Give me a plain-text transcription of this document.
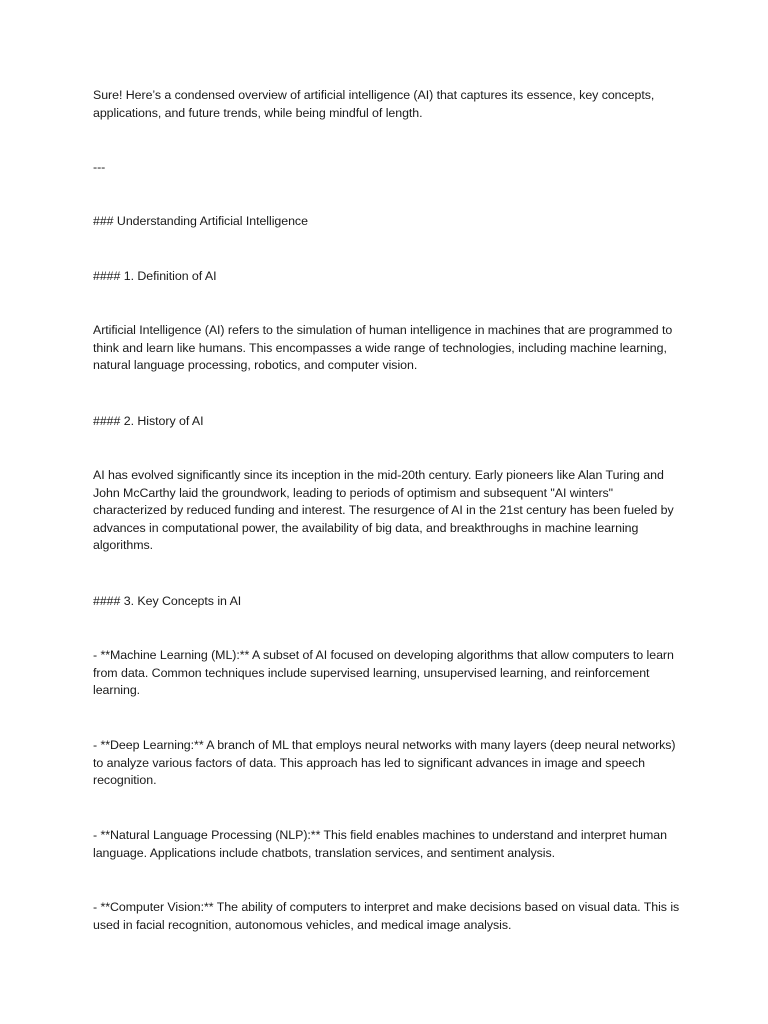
Sure! Here’s a condensed overview of artificial intelligence (AI) that captures its essence, key concepts, applications, and future trends, while being mindful of length.

---

### Understanding Artificial Intelligence

#### 1. Definition of AI

Artificial Intelligence (AI) refers to the simulation of human intelligence in machines that are programmed to think and learn like humans. This encompasses a wide range of technologies, including machine learning, natural language processing, robotics, and computer vision.

#### 2. History of AI

AI has evolved significantly since its inception in the mid-20th century. Early pioneers like Alan Turing and John McCarthy laid the groundwork, leading to periods of optimism and subsequent "AI winters" characterized by reduced funding and interest. The resurgence of AI in the 21st century has been fueled by advances in computational power, the availability of big data, and breakthroughs in machine learning algorithms.

#### 3. Key Concepts in AI

- **Machine Learning (ML):** A subset of AI focused on developing algorithms that allow computers to learn from data. Common techniques include supervised learning, unsupervised learning, and reinforcement learning.

- **Deep Learning:** A branch of ML that employs neural networks with many layers (deep neural networks) to analyze various factors of data. This approach has led to significant advances in image and speech recognition.

- **Natural Language Processing (NLP):** This field enables machines to understand and interpret human language. Applications include chatbots, translation services, and sentiment analysis.

- **Computer Vision:** The ability of computers to interpret and make decisions based on visual data. This is used in facial recognition, autonomous vehicles, and medical image analysis.
